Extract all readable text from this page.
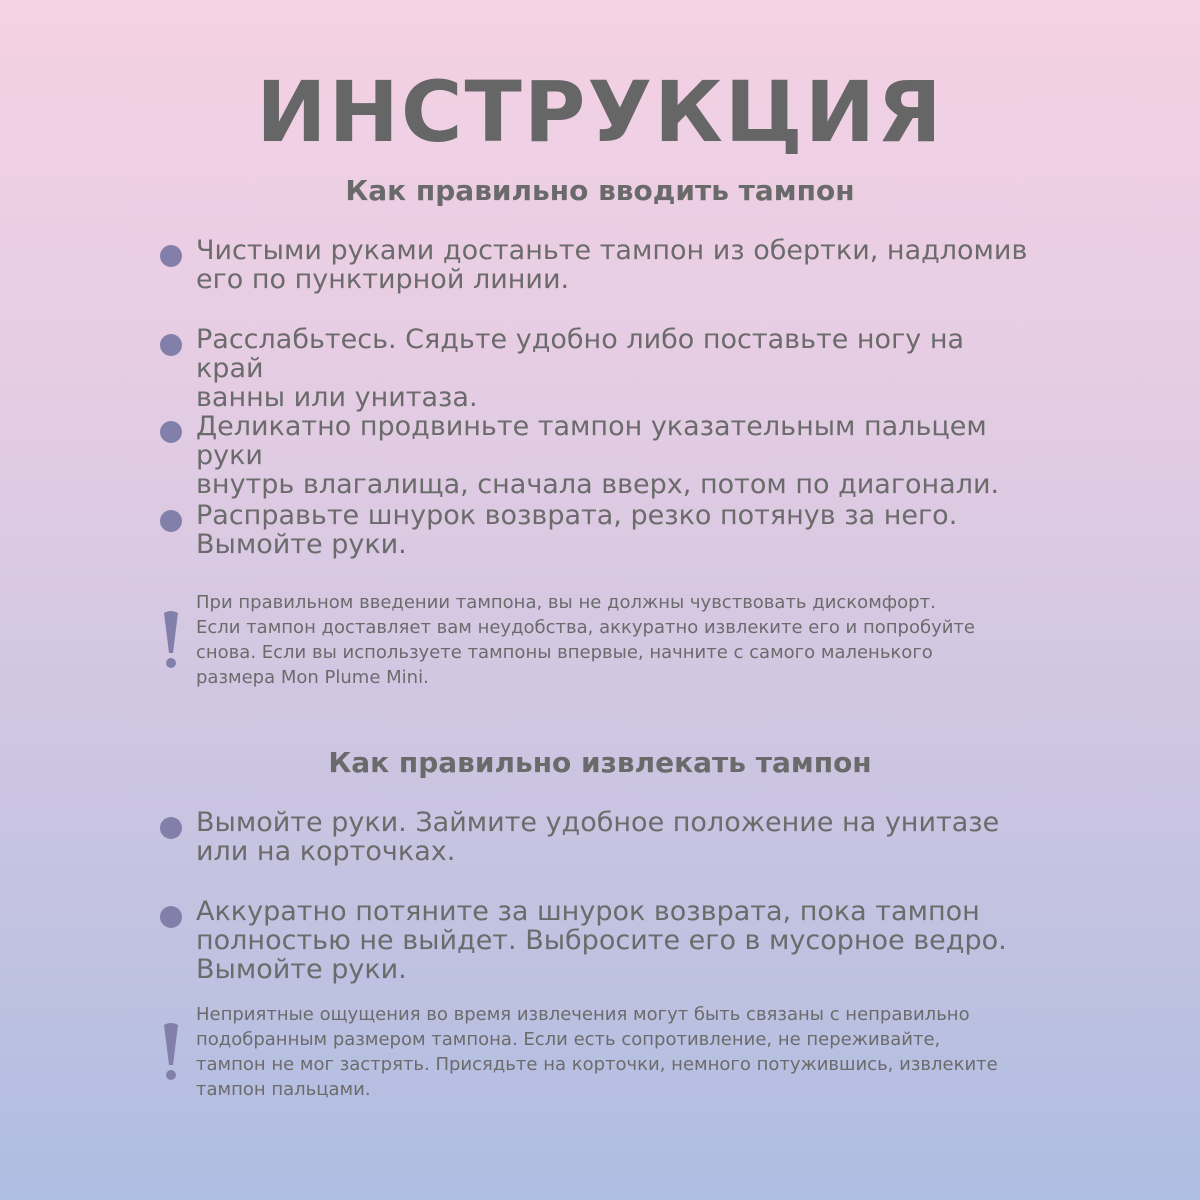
ИНСТРУКЦИЯ
Как правильно вводить тампон
Чистыми руками достаньте тампон из обертки, надломив
его по пунктирной линии.
Расслабьтесь. Сядьте удобно либо поставьте ногу на край
ванны или унитаза.
Деликатно продвиньте тампон указательным пальцем руки
внутрь влагалища, сначала вверх, потом по диагонали.
Расправьте шнурок возврата, резко потянув за него.
Вымойте руки.
При правильном введении тампона, вы не должны чувствовать дискомфорт.
Если тампон доставляет вам неудобства, аккуратно извлеките его и попробуйте
снова. Если вы используете тампоны впервые, начните с самого маленького
размера Mon Plume Mini.
Как правильно извлекать тампон
Вымойте руки. Займите удобное положение на унитазе
или на корточках.
Аккуратно потяните за шнурок возврата, пока тампон
полностью не выйдет. Выбросите его в мусорное ведро.
Вымойте руки.
Неприятные ощущения во время извлечения могут быть связаны с неправильно
подобранным размером тампона. Если есть сопротивление, не переживайте,
тампон не мог застрять. Присядьте на корточки, немного потужившись, извлеките
тампон пальцами.
